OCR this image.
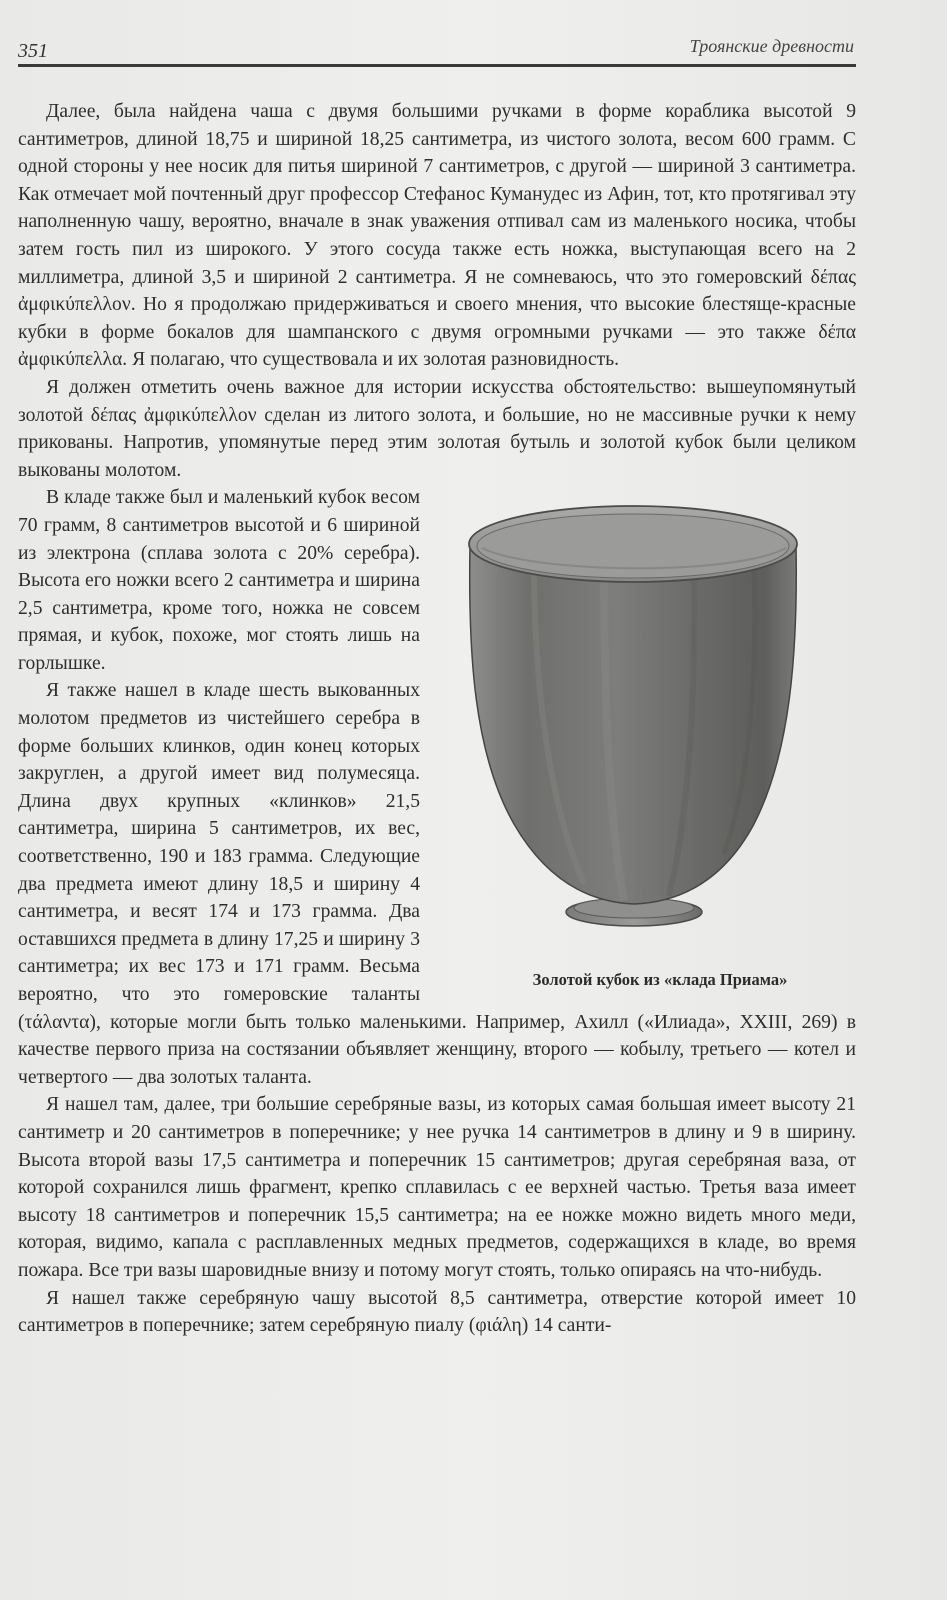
351	Троянские древности

Далее, была найдена чаша с двумя большими ручками в форме кораблика высотой 9 сантиметров, длиной 18,75 и шириной 18,25 сантиметра, из чистого золота, весом 600 грамм. С одной стороны у нее носик для питья шириной 7 сантиметров, с другой — шириной 3 сантиметра. Как отмечает мой почтенный друг профессор Стефанос Куманудес из Афин, тот, кто протягивал эту наполненную чашу, вероятно, вначале в знак уважения отпивал сам из маленького носика, чтобы затем гость пил из широкого. У этого сосуда также есть ножка, выступающая всего на 2 миллиметра, длиной 3,5 и шириной 2 сантиметра. Я не сомневаюсь, что это гомеровский δέπας ἀμφικύπελλον. Но я продолжаю придерживаться и своего мнения, что высокие блестяще-красные кубки в форме бокалов для шампанского с двумя огромными ручками — это также δέπα ἀμφικύπελλα. Я полагаю, что существовала и их золотая разновидность.

Я должен отметить очень важное для истории искусства обстоятельство: вышеупомянутый золотой δέπας ἀμφικύπελλον сделан из литого золота, и большие, но не массивные ручки к нему прикованы. Напротив, упомянутые перед этим золотая бутыль и золотой кубок были целиком выкованы молотом.

Золотой кубок из «клада Приама»

В кладе также был и маленький кубок весом 70 грамм, 8 сантиметров высотой и 6 шириной из электрона (сплава золота с 20% серебра). Высота его ножки всего 2 сантиметра и ширина 2,5 сантиметра, кроме того, ножка не совсем прямая, и кубок, похоже, мог стоять лишь на горлышке.

Я также нашел в кладе шесть выкованных молотом предметов из чистейшего серебра в форме больших клинков, один конец которых закруглен, а другой имеет вид полумесяца. Длина двух крупных «клинков» 21,5 сантиметра, ширина 5 сантиметров, их вес, соответственно, 190 и 183 грамма. Следующие два предмета имеют длину 18,5 и ширину 4 сантиметра, и весят 174 и 173 грамма. Два оставшихся предмета в длину 17,25 и ширину 3 сантиметра; их вес 173 и 171 грамм. Весьма вероятно, что это гомеровские таланты (τάλαντα), которые могли быть только маленькими. Например, Ахилл («Илиада», XXIII, 269) в качестве первого приза на состязании объявляет женщину, второго — кобылу, третьего — котел и четвертого — два золотых таланта.

Я нашел там, далее, три большие серебряные вазы, из которых самая большая имеет высоту 21 сантиметр и 20 сантиметров в поперечнике; у нее ручка 14 сантиметров в длину и 9 в ширину. Высота второй вазы 17,5 сантиметра и поперечник 15 сантиметров; другая серебряная ваза, от которой сохранился лишь фрагмент, крепко сплавилась с ее верхней частью. Третья ваза имеет высоту 18 сантиметров и поперечник 15,5 сантиметра; на ее ножке можно видеть много меди, которая, видимо, капала с расплавленных медных предметов, содержащихся в кладе, во время пожара. Все три вазы шаровидные внизу и потому могут стоять, только опираясь на что-нибудь.

Я нашел также серебряную чашу высотой 8,5 сантиметра, отверстие которой имеет 10 сантиметров в поперечнике; затем серебряную пиалу (φιάλη) 14 санти-
